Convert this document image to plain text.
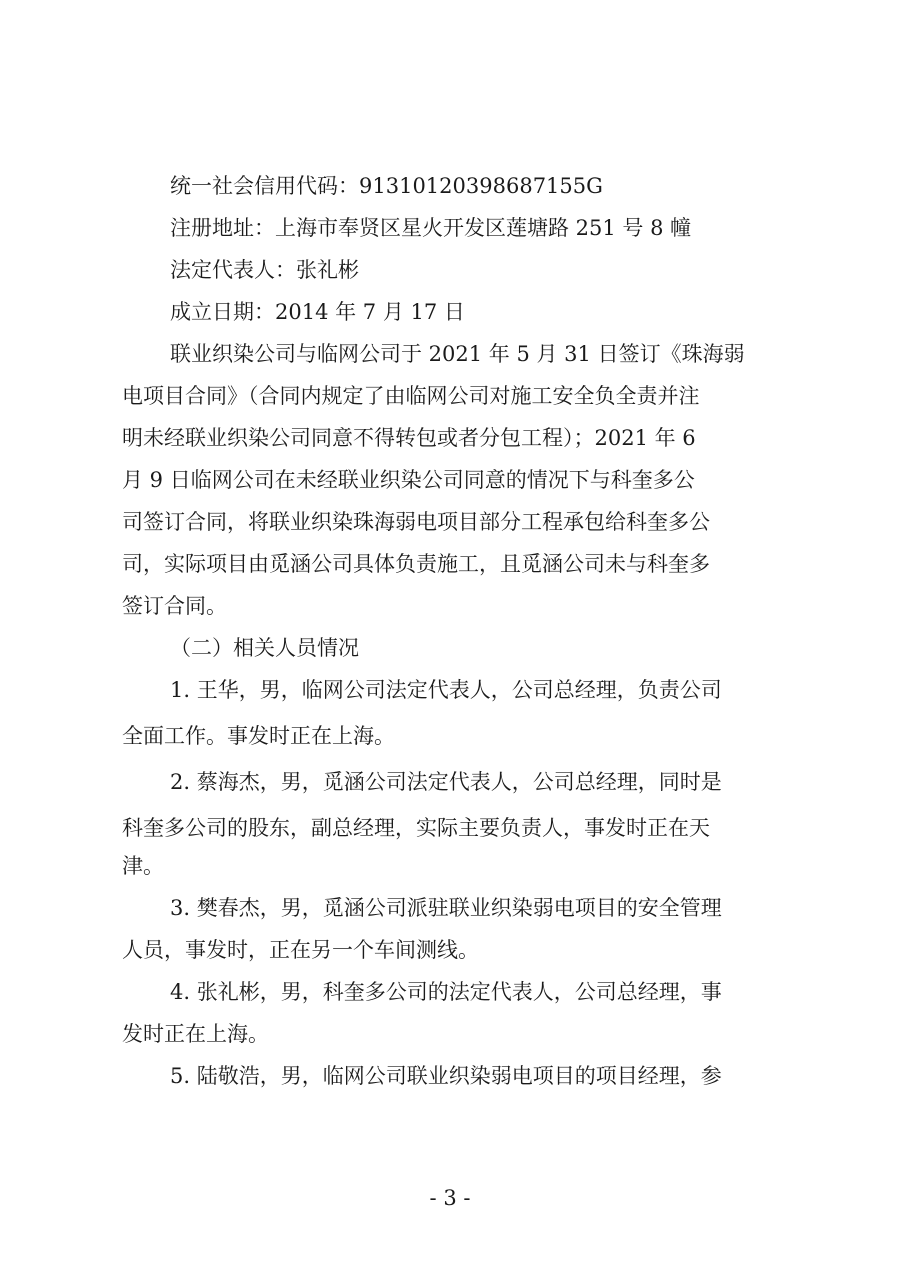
统一社会信用代码：91310120398687155G
注册地址：上海市奉贤区星火开发区莲塘路 251 号 8 幢
法定代表人：张礼彬
成立日期：2014 年 7 月 17 日
联业织染公司与临网公司于 2021 年 5 月 31 日签订《珠海弱
电项目合同》（合同内规定了由临网公司对施工安全负全责并注
明未经联业织染公司同意不得转包或者分包工程）；2021 年 6
月 9 日临网公司在未经联业织染公司同意的情况下与科奎多公
司签订合同，将联业织染珠海弱电项目部分工程承包给科奎多公
司，实际项目由觅涵公司具体负责施工，且觅涵公司未与科奎多
签订合同。
（二）相关人员情况
1. 王华，男，临网公司法定代表人，公司总经理，负责公司
全面工作。事发时正在上海。
2. 蔡海杰，男，觅涵公司法定代表人，公司总经理，同时是
科奎多公司的股东，副总经理，实际主要负责人，事发时正在天
津。
3. 樊春杰，男，觅涵公司派驻联业织染弱电项目的安全管理
人员，事发时，正在另一个车间测线。
4. 张礼彬，男，科奎多公司的法定代表人，公司总经理，事
发时正在上海。
5. 陆敬浩，男，临网公司联业织染弱电项目的项目经理，参
- 3 -
